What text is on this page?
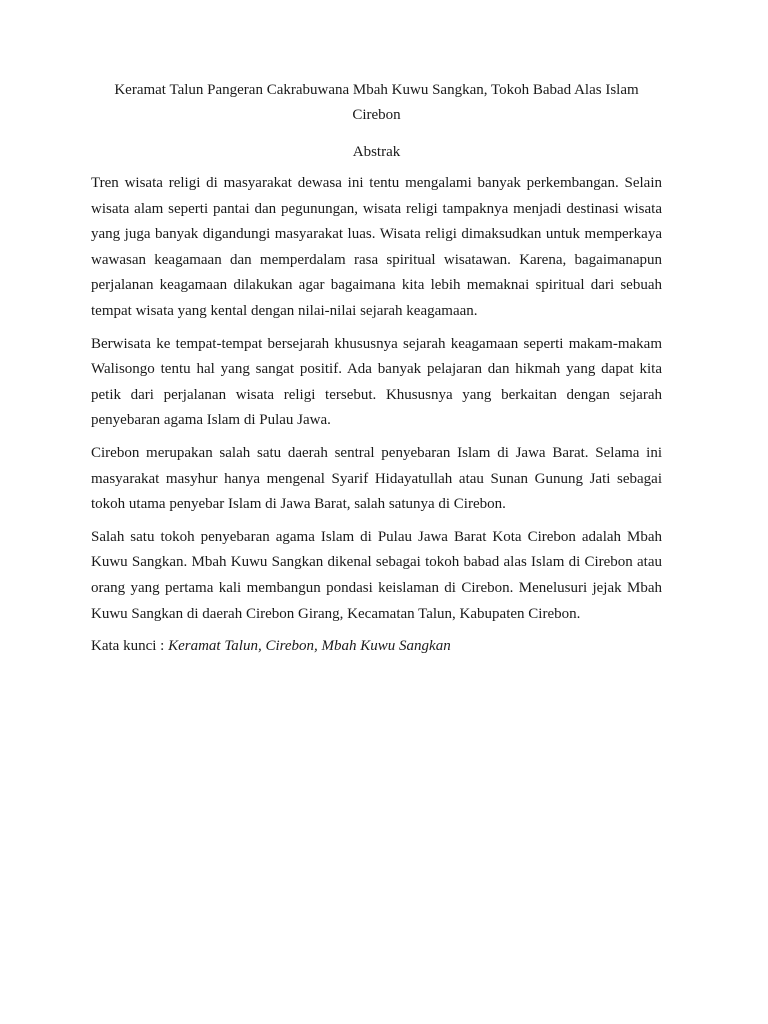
Keramat Talun Pangeran Cakrabuwana Mbah Kuwu Sangkan, Tokoh Babad Alas Islam Cirebon
Abstrak

Tren wisata religi di masyarakat dewasa ini tentu mengalami banyak perkembangan. Selain wisata alam seperti pantai dan pegunungan, wisata religi tampaknya menjadi destinasi wisata yang juga banyak digandungi masyarakat luas. Wisata religi dimaksudkan untuk memperkaya wawasan keagamaan dan memperdalam rasa spiritual wisatawan. Karena, bagaimanapun perjalanan keagamaan dilakukan agar bagaimana kita lebih memaknai spiritual dari sebuah tempat wisata yang kental dengan nilai-nilai sejarah keagamaan.

Berwisata ke tempat-tempat bersejarah khususnya sejarah keagamaan seperti makam-makam Walisongo tentu hal yang sangat positif. Ada banyak pelajaran dan hikmah yang dapat kita petik dari perjalanan wisata religi tersebut. Khususnya yang berkaitan dengan sejarah penyebaran agama Islam di Pulau Jawa.

Cirebon merupakan salah satu daerah sentral penyebaran Islam di Jawa Barat. Selama ini masyarakat masyhur hanya mengenal Syarif Hidayatullah atau Sunan Gunung Jati sebagai tokoh utama penyebar Islam di Jawa Barat, salah satunya di Cirebon.

Salah satu tokoh penyebaran agama Islam di Pulau Jawa Barat Kota Cirebon adalah Mbah Kuwu Sangkan. Mbah Kuwu Sangkan dikenal sebagai tokoh babad alas Islam di Cirebon atau orang yang pertama kali membangun pondasi keislaman di Cirebon. Menelusuri jejak Mbah Kuwu Sangkan di daerah Cirebon Girang, Kecamatan Talun, Kabupaten Cirebon.

Kata kunci : Keramat Talun, Cirebon, Mbah Kuwu Sangkan
